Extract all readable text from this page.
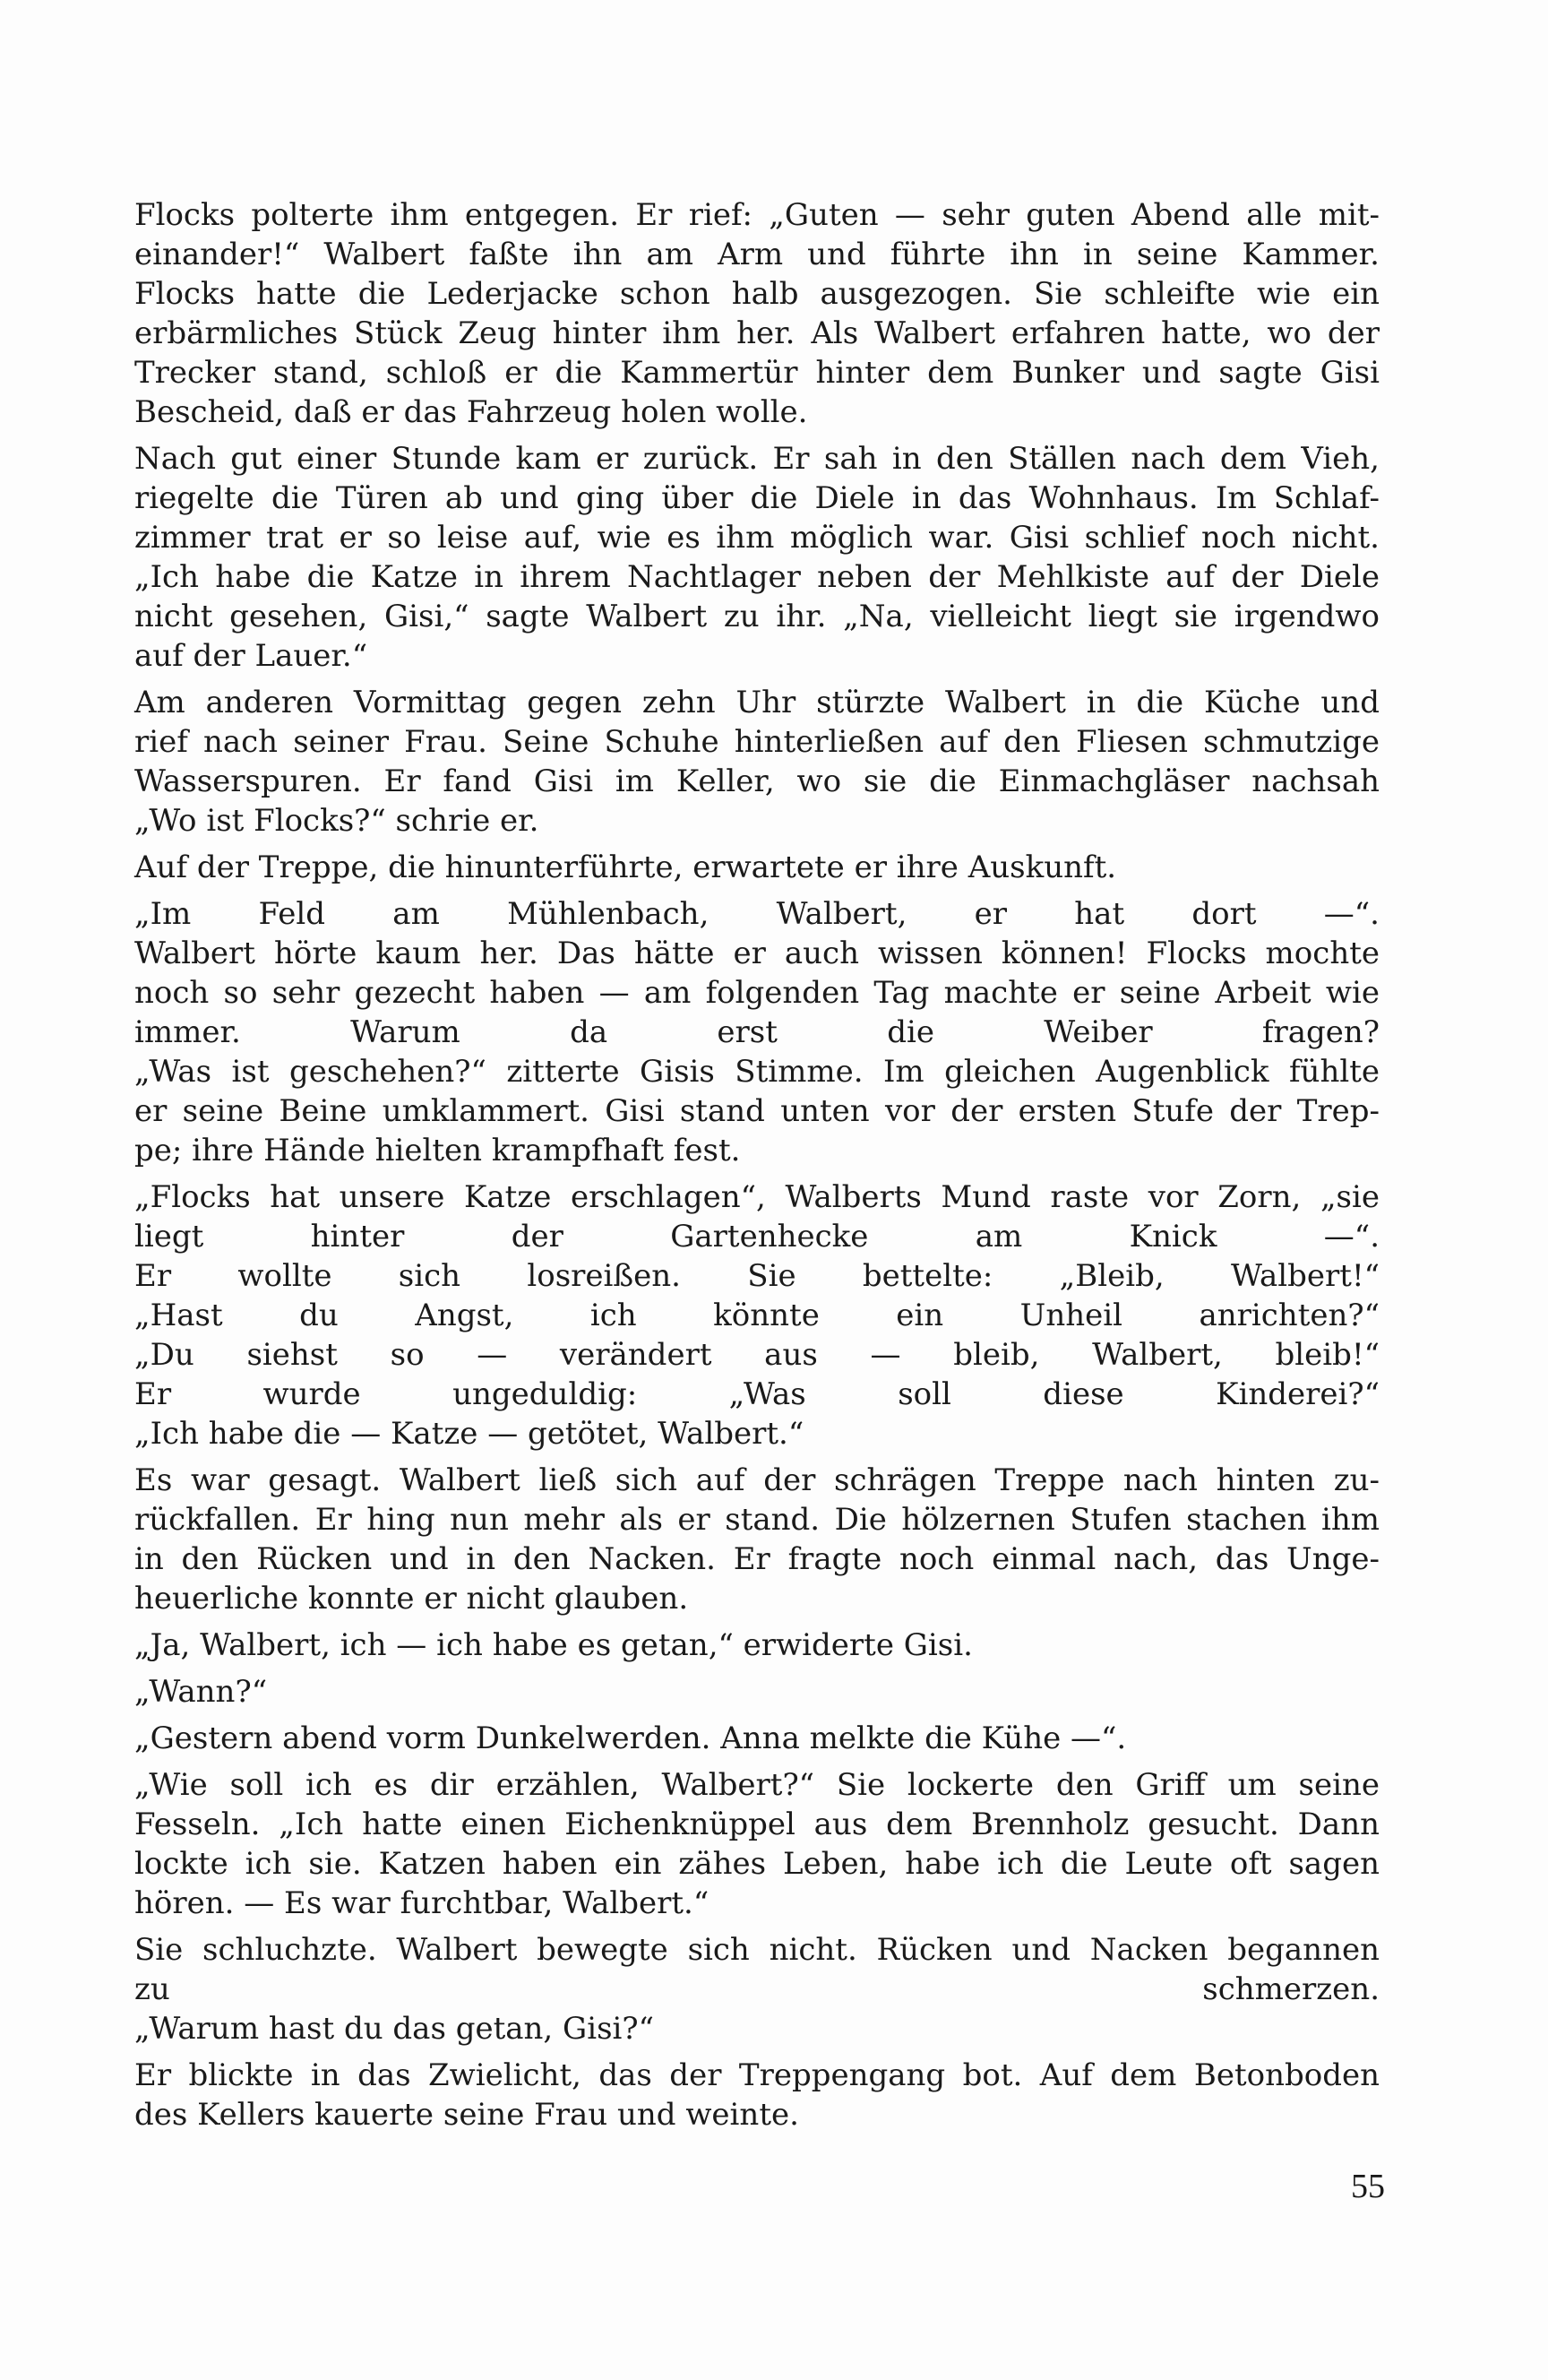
Flocks polterte ihm entgegen. Er rief: „Guten — sehr guten Abend alle mit-
einander!“ Walbert faßte ihn am Arm und führte ihn in seine Kammer.
Flocks hatte die Lederjacke schon halb ausgezogen. Sie schleifte wie ein
erbärmliches Stück Zeug hinter ihm her. Als Walbert erfahren hatte, wo der
Trecker stand, schloß er die Kammertür hinter dem Bunker und sagte Gisi
Bescheid, daß er das Fahrzeug holen wolle.
Nach gut einer Stunde kam er zurück. Er sah in den Ställen nach dem Vieh,
riegelte die Türen ab und ging über die Diele in das Wohnhaus. Im Schlaf-
zimmer trat er so leise auf, wie es ihm möglich war. Gisi schlief noch nicht.
„Ich habe die Katze in ihrem Nachtlager neben der Mehlkiste auf der Diele
nicht gesehen, Gisi,“ sagte Walbert zu ihr. „Na, vielleicht liegt sie irgendwo
auf der Lauer.“
Am anderen Vormittag gegen zehn Uhr stürzte Walbert in die Küche und
rief nach seiner Frau. Seine Schuhe hinterließen auf den Fliesen schmutzige
Wasserspuren. Er fand Gisi im Keller, wo sie die Einmachgläser nachsah
„Wo ist Flocks?“ schrie er.
Auf der Treppe, die hinunterführte, erwartete er ihre Auskunft.
„Im Feld am Mühlenbach, Walbert, er hat dort —“.
Walbert hörte kaum her. Das hätte er auch wissen können! Flocks mochte
noch so sehr gezecht haben — am folgenden Tag machte er seine Arbeit wie
immer. Warum da erst die Weiber fragen?
„Was ist geschehen?“ zitterte Gisis Stimme. Im gleichen Augenblick fühlte
er seine Beine umklammert. Gisi stand unten vor der ersten Stufe der Trep-
pe; ihre Hände hielten krampfhaft fest.
„Flocks hat unsere Katze erschlagen“, Walberts Mund raste vor Zorn, „sie
liegt hinter der Gartenhecke am Knick —“.
Er wollte sich losreißen. Sie bettelte: „Bleib, Walbert!“
„Hast du Angst, ich könnte ein Unheil anrichten?“
„Du siehst so — verändert aus — bleib, Walbert, bleib!“
Er wurde ungeduldig: „Was soll diese Kinderei?“
„Ich habe die — Katze — getötet, Walbert.“
Es war gesagt. Walbert ließ sich auf der schrägen Treppe nach hinten zu-
rückfallen. Er hing nun mehr als er stand. Die hölzernen Stufen stachen ihm
in den Rücken und in den Nacken. Er fragte noch einmal nach, das Unge-
heuerliche konnte er nicht glauben.
„Ja, Walbert, ich — ich habe es getan,“ erwiderte Gisi.
„Wann?“
„Gestern abend vorm Dunkelwerden. Anna melkte die Kühe —“.
„Wie soll ich es dir erzählen, Walbert?“ Sie lockerte den Griff um seine
Fesseln. „Ich hatte einen Eichenknüppel aus dem Brennholz gesucht. Dann
lockte ich sie. Katzen haben ein zähes Leben, habe ich die Leute oft sagen
hören. — Es war furchtbar, Walbert.“
Sie schluchzte. Walbert bewegte sich nicht. Rücken und Nacken begannen
zu schmerzen.
„Warum hast du das getan, Gisi?“
Er blickte in das Zwielicht, das der Treppengang bot. Auf dem Betonboden
des Kellers kauerte seine Frau und weinte.
55
